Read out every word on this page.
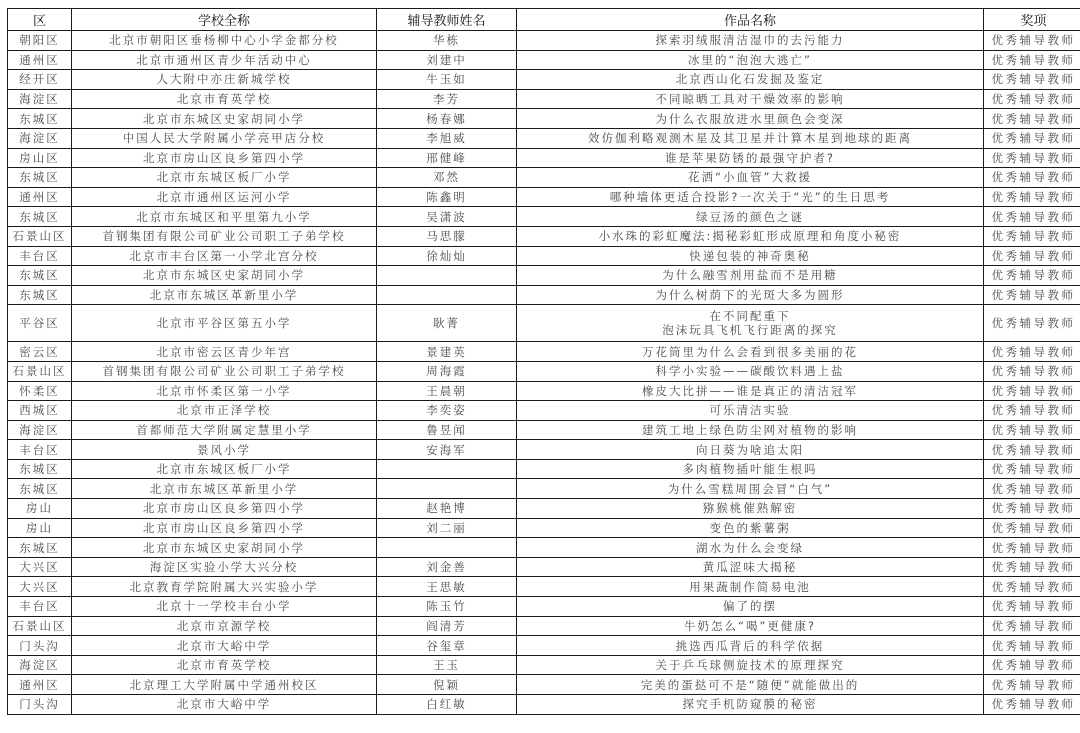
区	学校全称	辅导教师姓名	作品名称	奖项
朝阳区	北京市朝阳区垂杨柳中心小学金都分校	华栋	探索羽绒服清洁湿巾的去污能力	优秀辅导教师
通州区	北京市通州区青少年活动中心	刘建中	冰里的“泡泡大逃亡”	优秀辅导教师
经开区	人大附中亦庄新城学校	牛玉如	北京西山化石发掘及鉴定	优秀辅导教师
海淀区	北京市育英学校	李芳	不同晾晒工具对干燥效率的影响	优秀辅导教师
东城区	北京市东城区史家胡同小学	杨春娜	为什么衣服放进水里颜色会变深	优秀辅导教师
海淀区	中国人民大学附属小学亮甲店分校	李旭威	效仿伽利略观测木星及其卫星并计算木星到地球的距离	优秀辅导教师
房山区	北京市房山区良乡第四小学	邢健峰	谁是苹果防锈的最强守护者?	优秀辅导教师
东城区	北京市东城区板厂小学	邓然	花洒“小血管”大救援	优秀辅导教师
通州区	北京市通州区运河小学	陈鑫明	哪种墙体更适合投影?一次关于“光”的生日思考	优秀辅导教师
东城区	北京市东城区和平里第九小学	吴潇波	绿豆汤的颜色之谜	优秀辅导教师
石景山区	首钢集团有限公司矿业公司职工子弟学校	马思朦	小水珠的彩虹魔法:揭秘彩虹形成原理和角度小秘密	优秀辅导教师
丰台区	北京市丰台区第一小学北宫分校	徐灿灿	快递包装的神奇奥秘	优秀辅导教师
东城区	北京市东城区史家胡同小学		为什么融雪剂用盐而不是用糖	优秀辅导教师
东城区	北京市东城区革新里小学		为什么树荫下的光斑大多为圆形	优秀辅导教师
平谷区	北京市平谷区第五小学	耿菁	在不同配重下
泡沫玩具飞机飞行距离的探究	优秀辅导教师
密云区	北京市密云区青少年宫	景建英	万花筒里为什么会看到很多美丽的花	优秀辅导教师
石景山区	首钢集团有限公司矿业公司职工子弟学校	周海霞	科学小实验——碳酸饮料遇上盐	优秀辅导教师
怀柔区	北京市怀柔区第一小学	王晨朝	橡皮大比拼——谁是真正的清洁冠军	优秀辅导教师
西城区	北京市正泽学校	李奕姿	可乐清洁实验	优秀辅导教师
海淀区	首都师范大学附属定慧里小学	鲁昱闻	建筑工地上绿色防尘网对植物的影响	优秀辅导教师
丰台区	景风小学	安海军	向日葵为啥追太阳	优秀辅导教师
东城区	北京市东城区板厂小学		多肉植物插叶能生根吗	优秀辅导教师
东城区	北京市东城区革新里小学		为什么雪糕周围会冒“白气”	优秀辅导教师
房山	北京市房山区良乡第四小学	赵艳博	猕猴桃催熟解密	优秀辅导教师
房山	北京市房山区良乡第四小学	刘二丽	变色的紫薯粥	优秀辅导教师
东城区	北京市东城区史家胡同小学		湖水为什么会变绿	优秀辅导教师
大兴区	海淀区实验小学大兴分校	刘金善	黄瓜涩味大揭秘	优秀辅导教师
大兴区	北京教育学院附属大兴实验小学	王思敏	用果蔬制作简易电池	优秀辅导教师
丰台区	北京十一学校丰台小学	陈玉竹	偏了的摆	优秀辅导教师
石景山区	北京市京源学校	阎清芳	牛奶怎么“喝”更健康?	优秀辅导教师
门头沟	北京市大峪中学	谷玺章	挑选西瓜背后的科学依据	优秀辅导教师
海淀区	北京市育英学校	王玉	关于乒乓球侧旋技术的原理探究	优秀辅导教师
通州区	北京理工大学附属中学通州校区	倪颖	完美的蛋挞可不是“随便”就能做出的	优秀辅导教师
门头沟	北京市大峪中学	白红敏	探究手机防窥膜的秘密	优秀辅导教师
